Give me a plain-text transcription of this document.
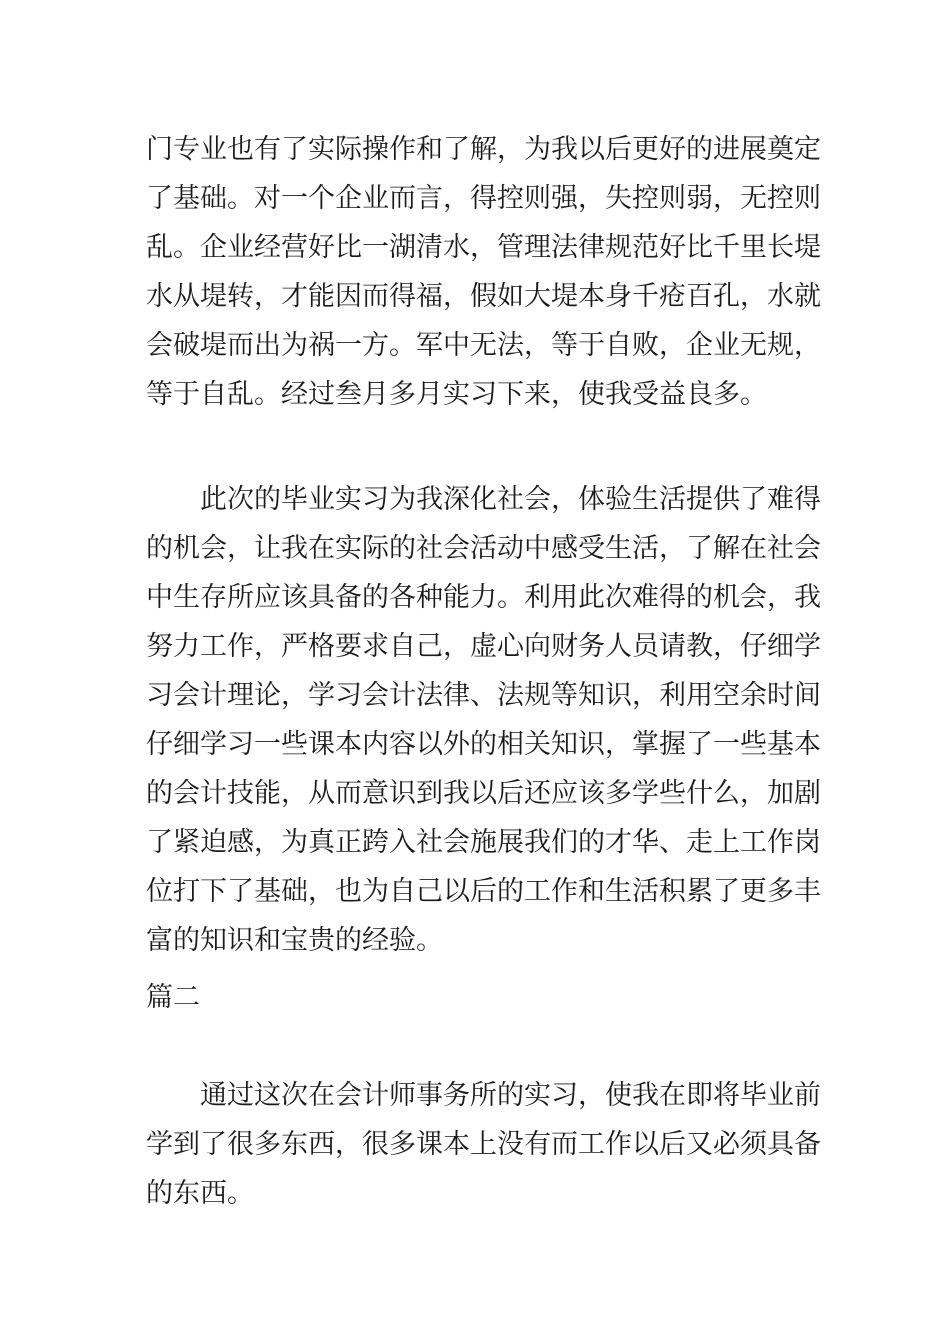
门专业也有了实际操作和了解，为我以后更好的进展奠定
了基础。对一个企业而言，得控则强，失控则弱，无控则
乱。企业经营好比一湖清水，管理法律规范好比千里长堤
水从堤转，才能因而得福，假如大堤本身千疮百孔，水就
会破堤而出为祸一方。军中无法，等于自败，企业无规，
等于自乱。经过叁月多月实习下来，使我受益良多。
此次的毕业实习为我深化社会，体验生活提供了难得
的机会，让我在实际的社会活动中感受生活，了解在社会
中生存所应该具备的各种能力。利用此次难得的机会，我
努力工作，严格要求自己，虚心向财务人员请教，仔细学
习会计理论，学习会计法律、法规等知识，利用空余时间
仔细学习一些课本内容以外的相关知识，掌握了一些基本
的会计技能，从而意识到我以后还应该多学些什么，加剧
了紧迫感，为真正跨入社会施展我们的才华、走上工作岗
位打下了基础，也为自己以后的工作和生活积累了更多丰
富的知识和宝贵的经验。
篇二
通过这次在会计师事务所的实习，使我在即将毕业前
学到了很多东西，很多课本上没有而工作以后又必须具备
的东西。
